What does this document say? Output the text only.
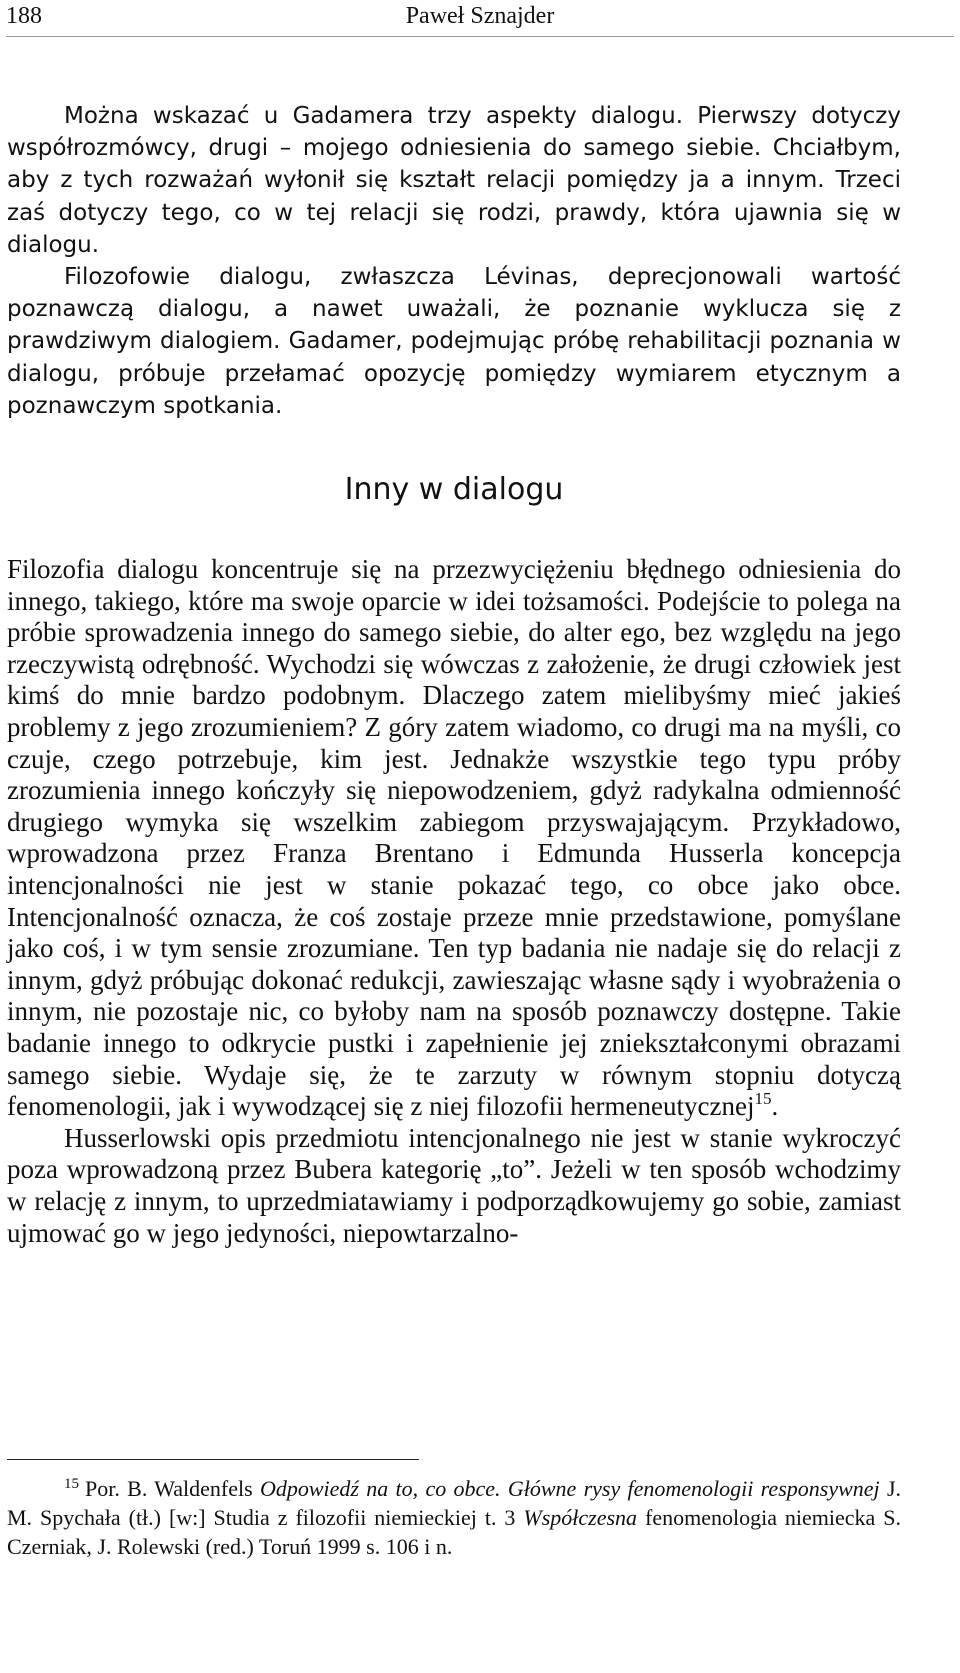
188	Paweł Sznajder

Można wskazać u Gadamera trzy aspekty dialogu. Pierwszy dotyczy współrozmówcy, drugi – mojego odniesienia do samego siebie. Chciałbym, aby z tych rozważań wyłonił się kształt relacji pomiędzy ja a innym. Trzeci zaś dotyczy tego, co w tej relacji się rodzi, prawdy, która ujawnia się w dialogu.

Filozofowie dialogu, zwłaszcza Lévinas, deprecjonowali wartość poznawczą dialogu, a nawet uważali, że poznanie wyklucza się z prawdziwym dialogiem. Gadamer, podejmując próbę rehabilitacji poznania w dialogu, próbuje przełamać opozycję pomiędzy wymiarem etycznym a poznawczym spotkania.

Inny w dialogu

Filozofia dialogu koncentruje się na przezwyciężeniu błędnego odniesienia do innego, takiego, które ma swoje oparcie w idei tożsamości. Podejście to polega na próbie sprowadzenia innego do samego siebie, do alter ego, bez względu na jego rzeczywistą odrębność. Wychodzi się wówczas z założenie, że drugi człowiek jest kimś do mnie bardzo podobnym. Dlaczego zatem mielibyśmy mieć jakieś problemy z jego zrozumieniem? Z góry zatem wiadomo, co drugi ma na myśli, co czuje, czego potrzebuje, kim jest. Jednakże wszystkie tego typu próby zrozumienia innego kończyły się niepowodzeniem, gdyż radykalna odmienność drugiego wymyka się wszelkim zabiegom przyswajającym. Przykładowo, wprowadzona przez Franza Brentano i Edmunda Husserla koncepcja intencjonalności nie jest w stanie pokazać tego, co obce jako obce. Intencjonalność oznacza, że coś zostaje przeze mnie przedstawione, pomyślane jako coś, i w tym sensie zrozumiane. Ten typ badania nie nadaje się do relacji z innym, gdyż próbując dokonać redukcji, zawieszając własne sądy i wyobrażenia o innym, nie pozostaje nic, co byłoby nam na sposób poznawczy dostępne. Takie badanie innego to odkrycie pustki i zapełnienie jej zniekształconymi obrazami samego siebie. Wydaje się, że te zarzuty w równym stopniu dotyczą fenomenologii, jak i wywodzącej się z niej filozofii hermeneutycznej$^{15}$.

Husserlowski opis przedmiotu intencjonalnego nie jest w stanie wykroczyć poza wprowadzoną przez Bubera kategorię „to”. Jeżeli w ten sposób wchodzimy w relację z innym, to uprzedmiatawiamy i podporządkowujemy go sobie, zamiast ujmować go w jego jedyności, niepowtarzalno-

$^{15}$ Por. B. Waldenfels Odpowiedź na to, co obce. Główne rysy fenomenologii responsywnej J. M. Spychała (tł.) [w:] Studia z filozofii niemieckiej t. 3 Współczesna fenomenologia niemiecka S. Czerniak, J. Rolewski (red.) Toruń 1999 s. 106 i n.
